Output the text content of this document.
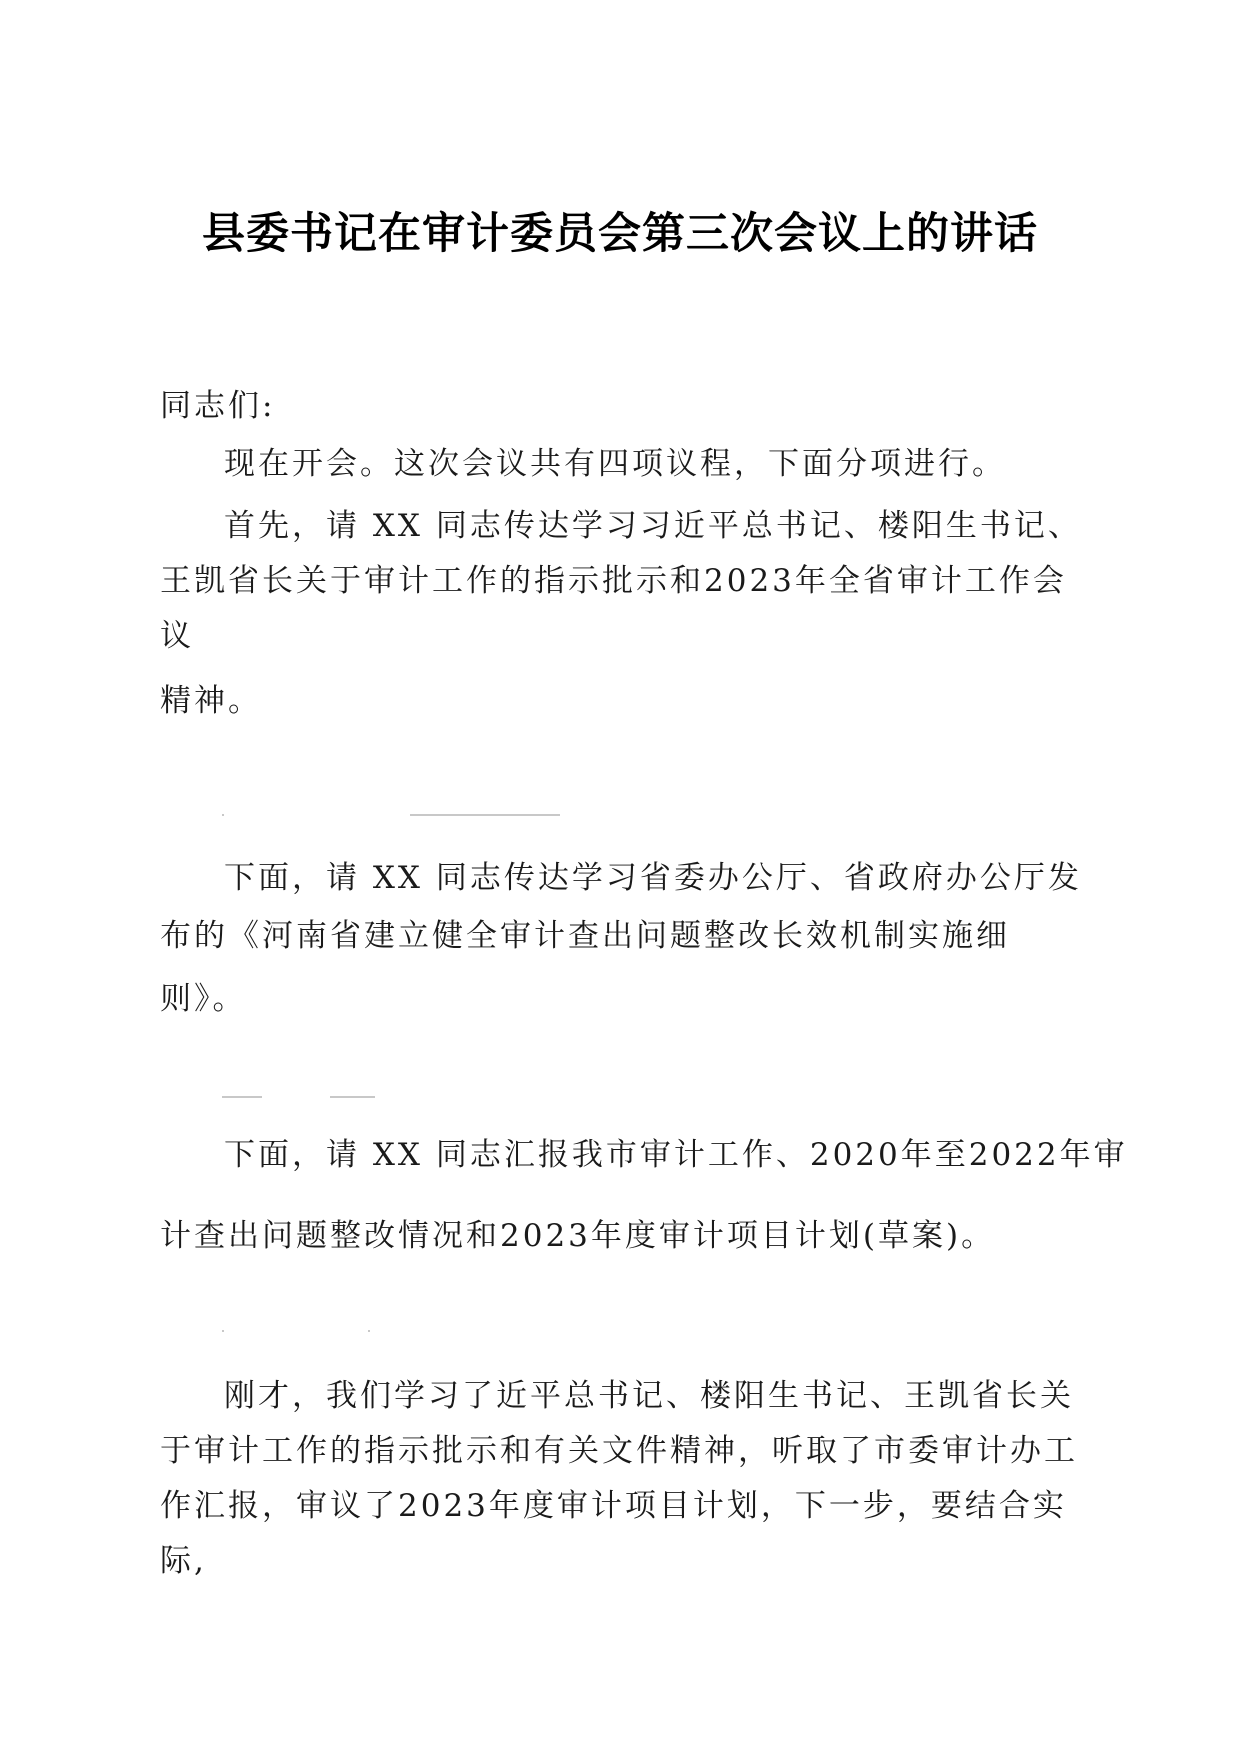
县委书记在审计委员会第三次会议上的讲话

同志们:

现在开会。这次会议共有四项议程，下面分项进行。

首先，请 XX 同志传达学习习近平总书记、楼阳生书记、

王凯省长关于审计工作的指示批示和2023年全省审计工作会

议

精神。

下面，请 XX 同志传达学习省委办公厅、省政府办公厅发

布的《河南省建立健全审计查出问题整改长效机制实施细

则》。

下面，请 XX 同志汇报我市审计工作、2020年至2022年审

计查出问题整改情况和2023年度审计项目计划(草案)。

刚才，我们学习了近平总书记、楼阳生书记、王凯省长关

于审计工作的指示批示和有关文件精神，听取了市委审计办工

作汇报，审议了2023年度审计项目计划，下一步，要结合实

际,
